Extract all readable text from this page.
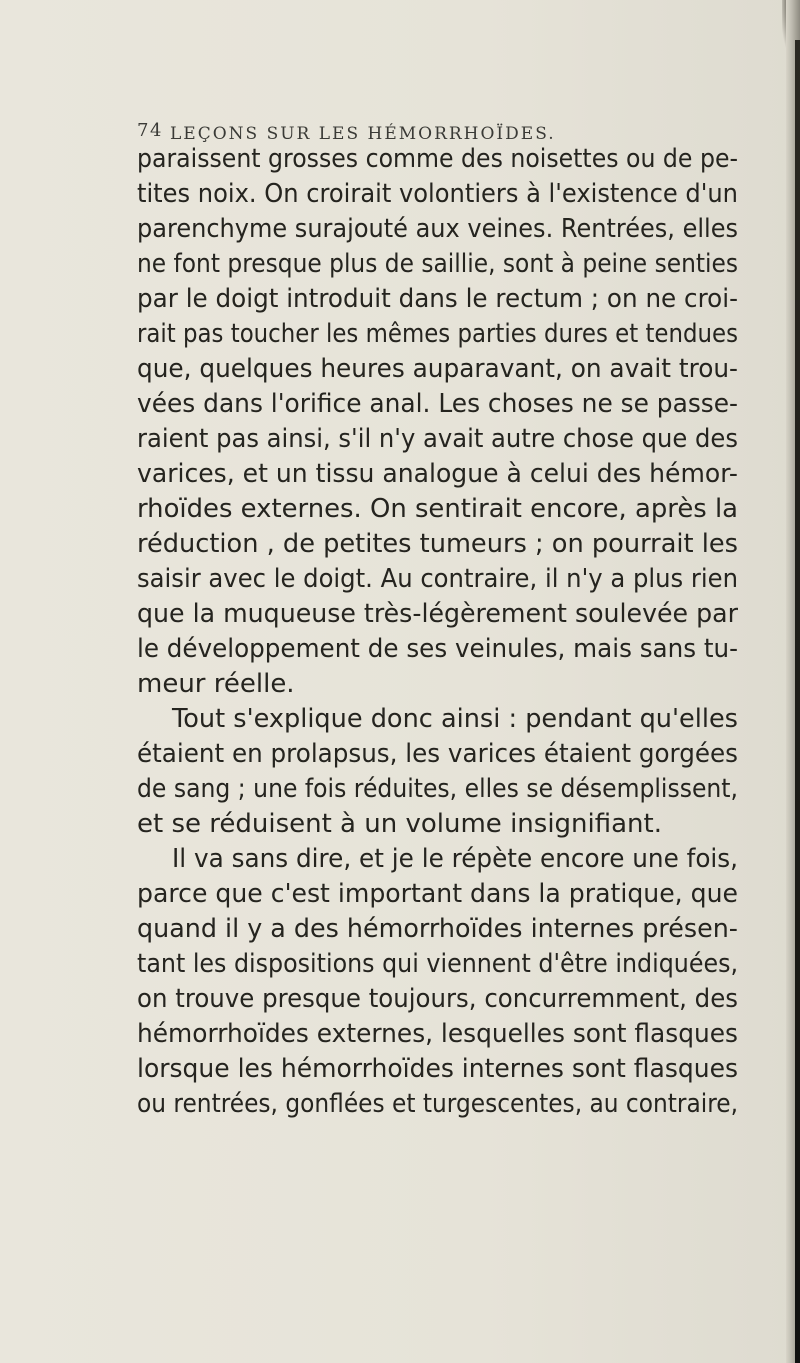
74 LEÇONS SUR LES HÉMORRHOÏDES.
paraissent grosses comme des noisettes ou de pe-
tites noix. On croirait volontiers à l'existence d'un
parenchyme surajouté aux veines. Rentrées, elles
ne font presque plus de saillie, sont à peine senties
par le doigt introduit dans le rectum ; on ne croi-
rait pas toucher les mêmes parties dures et tendues
que, quelques heures auparavant, on avait trou-
vées dans l'orifice anal. Les choses ne se passe-
raient pas ainsi, s'il n'y avait autre chose que des
varices, et un tissu analogue à celui des hémor-
rhoïdes externes. On sentirait encore, après la
réduction , de petites tumeurs ; on pourrait les
saisir avec le doigt. Au contraire, il n'y a plus rien
que la muqueuse très-légèrement soulevée par
le développement de ses veinules, mais sans tu-
meur réelle.
Tout s'explique donc ainsi : pendant qu'elles
étaient en prolapsus, les varices étaient gorgées
de sang ; une fois réduites, elles se désemplissent,
et se réduisent à un volume insignifiant.
Il va sans dire, et je le répète encore une fois,
parce que c'est important dans la pratique, que
quand il y a des hémorrhoïdes internes présen-
tant les dispositions qui viennent d'être indiquées,
on trouve presque toujours, concurremment, des
hémorrhoïdes externes, lesquelles sont flasques
lorsque les hémorrhoïdes internes sont flasques
ou rentrées, gonflées et turgescentes, au contraire,
